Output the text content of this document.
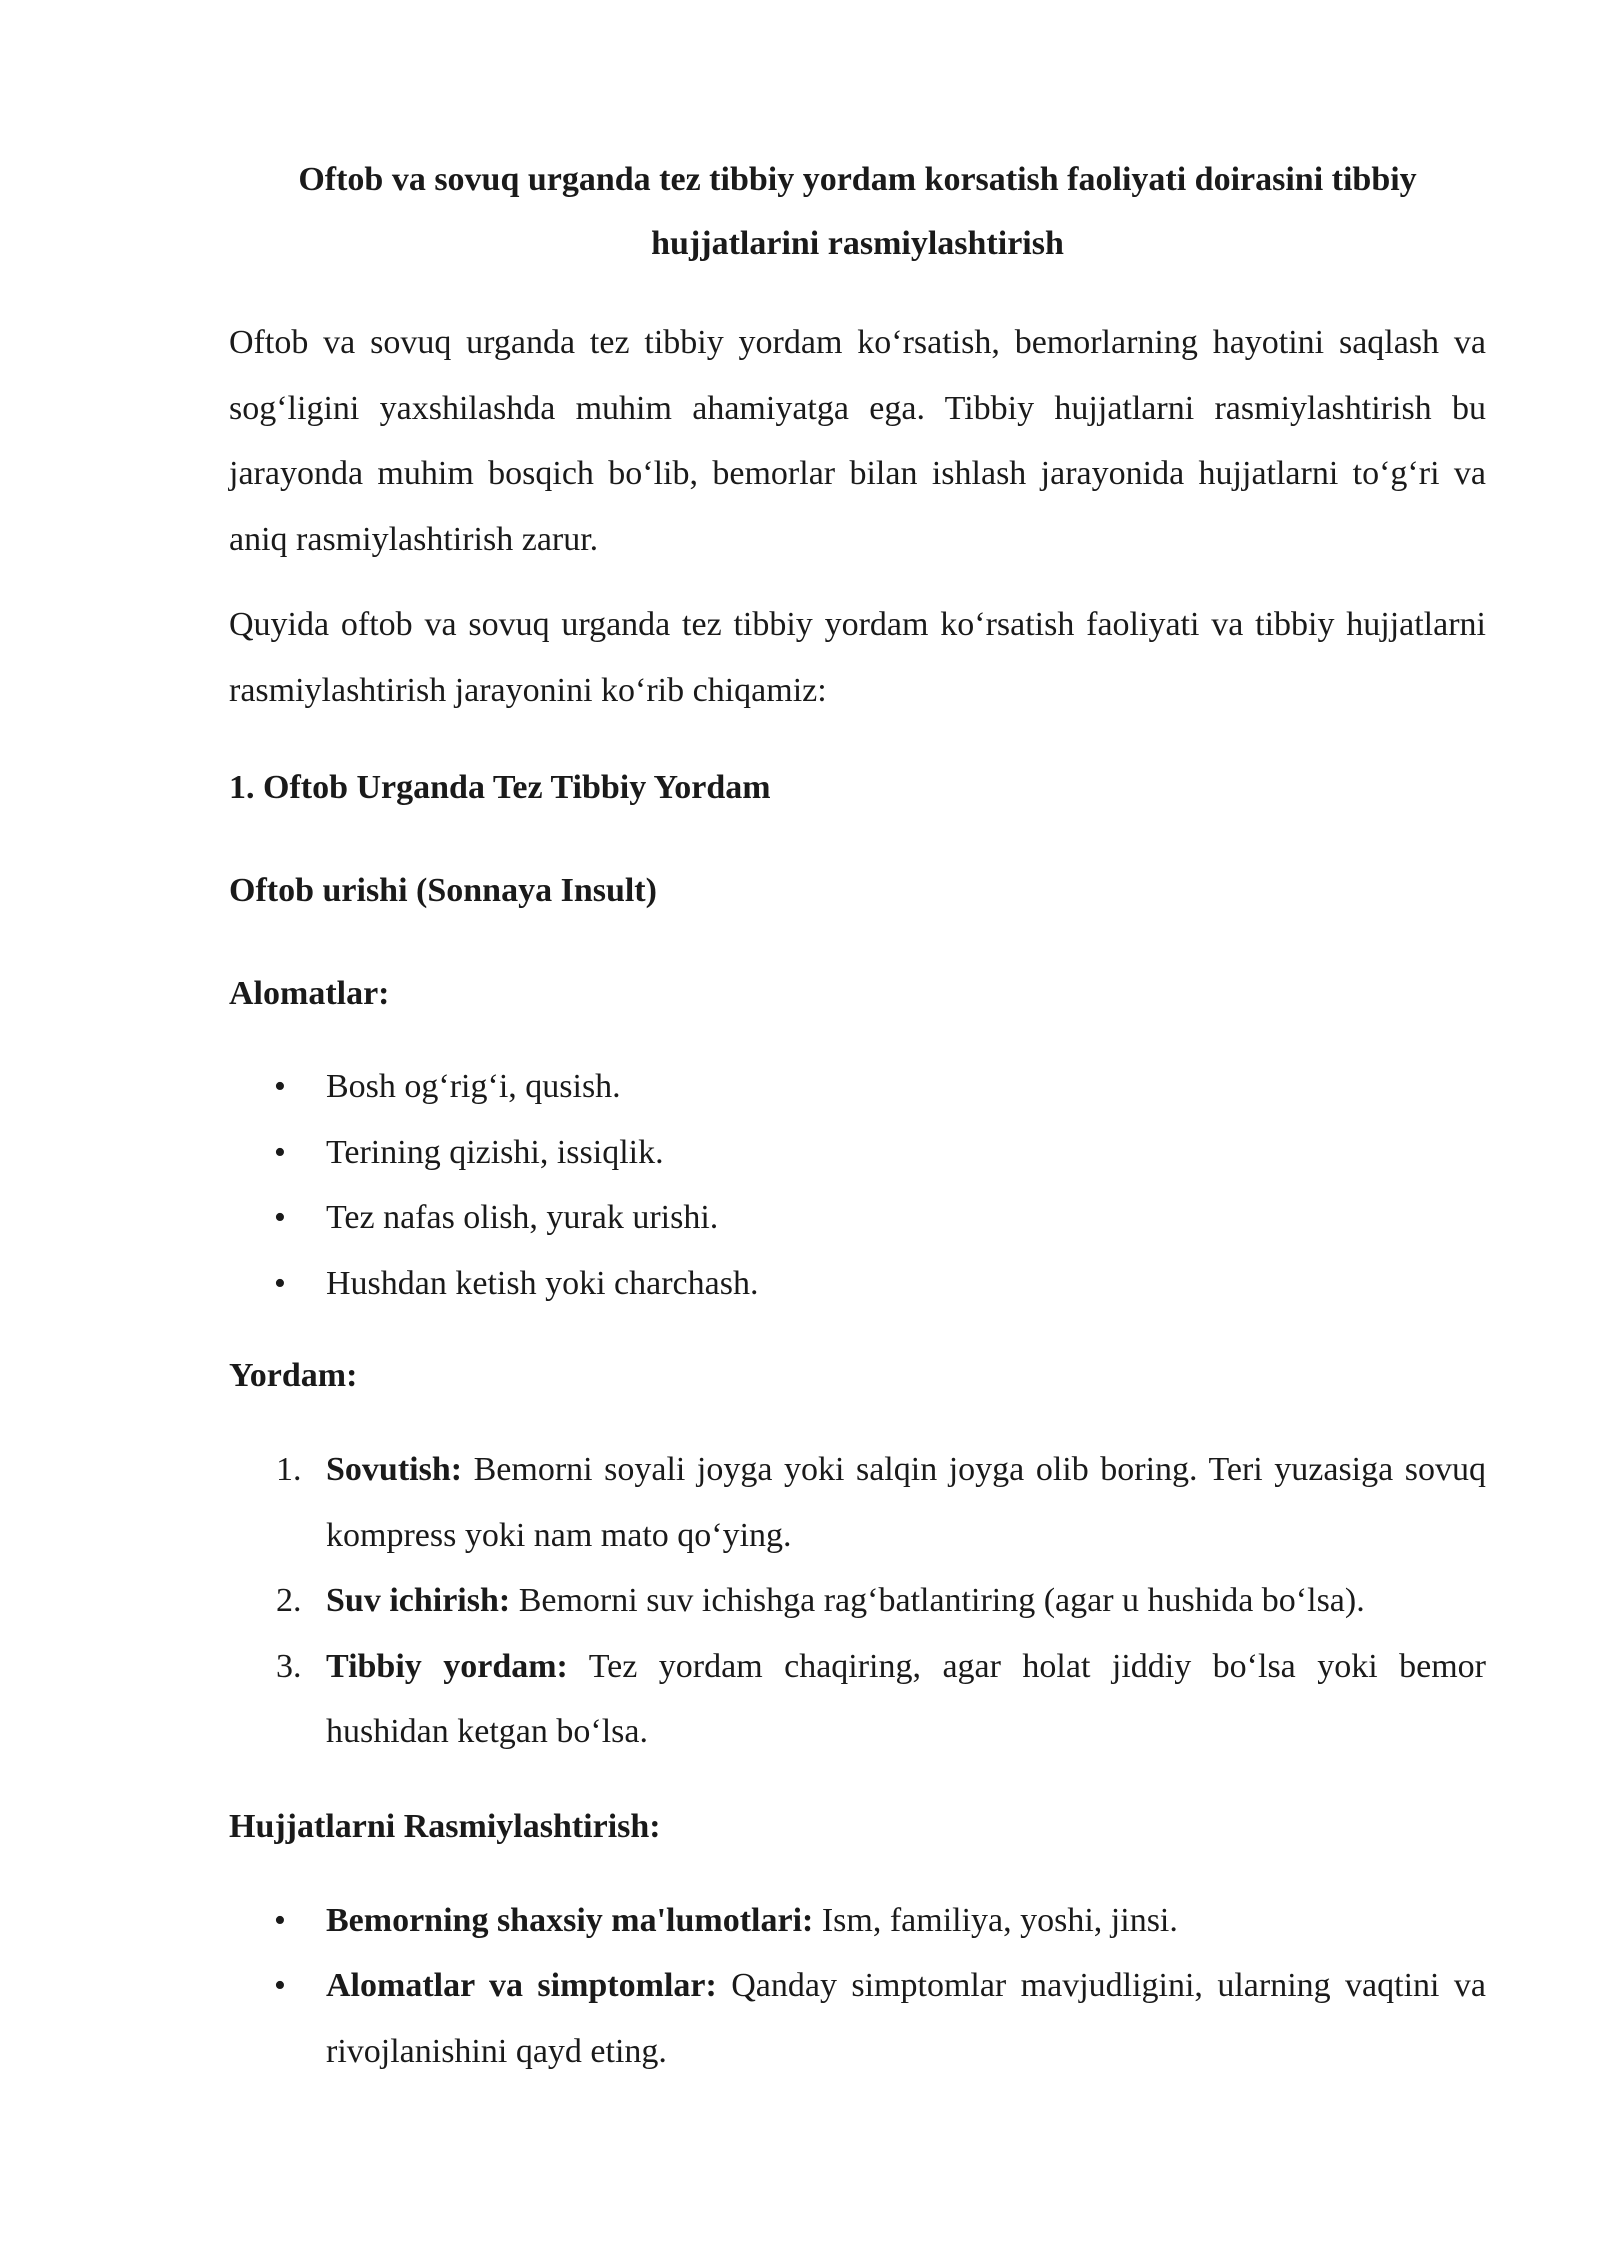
Oftob va sovuq urganda tez tibbiy yordam korsatish faoliyati doirasini tibbiy hujjatlarini rasmiylashtirish

Oftob va sovuq urganda tez tibbiy yordam ko‘rsatish, bemorlarning hayotini saqlash va sog‘ligini yaxshilashda muhim ahamiyatga ega. Tibbiy hujjatlarni rasmiylashtirish bu jarayonda muhim bosqich bo‘lib, bemorlar bilan ishlash jarayonida hujjatlarni to‘g‘ri va aniq rasmiylashtirish zarur.

Quyida oftob va sovuq urganda tez tibbiy yordam ko‘rsatish faoliyati va tibbiy hujjatlarni rasmiylashtirish jarayonini ko‘rib chiqamiz:

1. Oftob Urganda Tez Tibbiy Yordam
Oftob urishi (Sonnaya Insult)
Alomatlar:
•	Bosh og‘rig‘i, qusish.
•	Terining qizishi, issiqlik.
•	Tez nafas olish, yurak urishi.
•	Hushdan ketish yoki charchash.
Yordam:
1. Sovutish: Bemorni soyali joyga yoki salqin joyga olib boring. Teri yuzasiga sovuq kompress yoki nam mato qo‘ying.
2. Suv ichirish: Bemorni suv ichishga rag‘batlantiring (agar u hushida bo‘lsa).
3. Tibbiy yordam: Tez yordam chaqiring, agar holat jiddiy bo‘lsa yoki bemor hushidan ketgan bo‘lsa.
Hujjatlarni Rasmiylashtirish:
•	Bemorning shaxsiy ma'lumotlari: Ism, familiya, yoshi, jinsi.
•	Alomatlar va simptomlar: Qanday simptomlar mavjudligini, ularning vaqtini va rivojlanishini qayd eting.
